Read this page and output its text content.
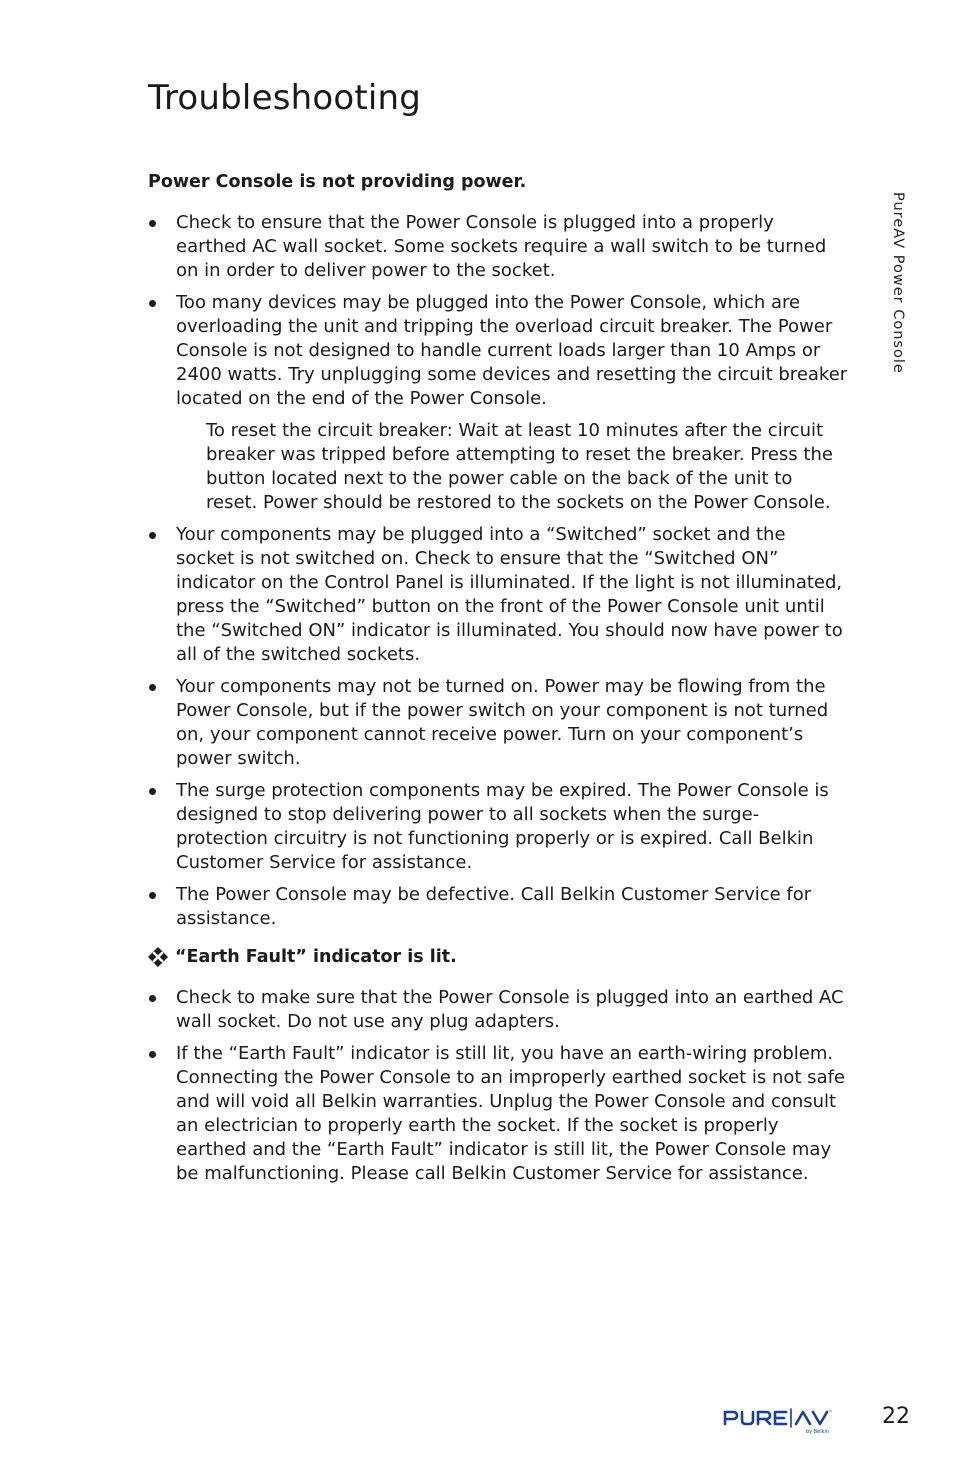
Troubleshooting
PureAV Power Console
Power Console is not providing power.
Check to ensure that the Power Console is plugged into a properly earthed AC wall socket. Some sockets require a wall switch to be turned on in order to deliver power to the socket.
Too many devices may be plugged into the Power Console, which are overloading the unit and tripping the overload circuit breaker. The Power Console is not designed to handle current loads larger than 10 Amps or 2400 watts. Try unplugging some devices and resetting the circuit breaker located on the end of the Power Console.

To reset the circuit breaker: Wait at least 10 minutes after the circuit breaker was tripped before attempting to reset the breaker. Press the button located next to the power cable on the back of the unit to reset. Power should be restored to the sockets on the Power Console.

Your components may be plugged into a “Switched” socket and the socket is not switched on. Check to ensure that the “Switched ON” indicator on the Control Panel is illuminated. If the light is not illuminated, press the “Switched” button on the front of the Power Console unit until the “Switched ON” indicator is illuminated. You should now have power to all of the switched sockets.
Your components may not be turned on. Power may be flowing from the Power Console, but if the power switch on your component is not turned on, your component cannot receive power. Turn on your component’s power switch.
The surge protection components may be expired. The Power Console is designed to stop delivering power to all sockets when the surge-protection circuitry is not functioning properly or is expired. Call Belkin Customer Service for assistance.
The Power Console may be defective. Call Belkin Customer Service for assistance.
“Earth Fault” indicator is lit.
Check to make sure that the Power Console is plugged into an earthed AC wall socket. Do not use any plug adapters.
If the “Earth Fault” indicator is still lit, you have an earth-wiring problem. Connecting the Power Console to an improperly earthed socket is not safe and will void all Belkin warranties. Unplug the Power Console and consult an electrician to properly earth the socket. If the socket is properly earthed and the “Earth Fault” indicator is still lit, the Power Console may be malfunctioning. Please call Belkin Customer Service for assistance.
™
by Belkin
22
